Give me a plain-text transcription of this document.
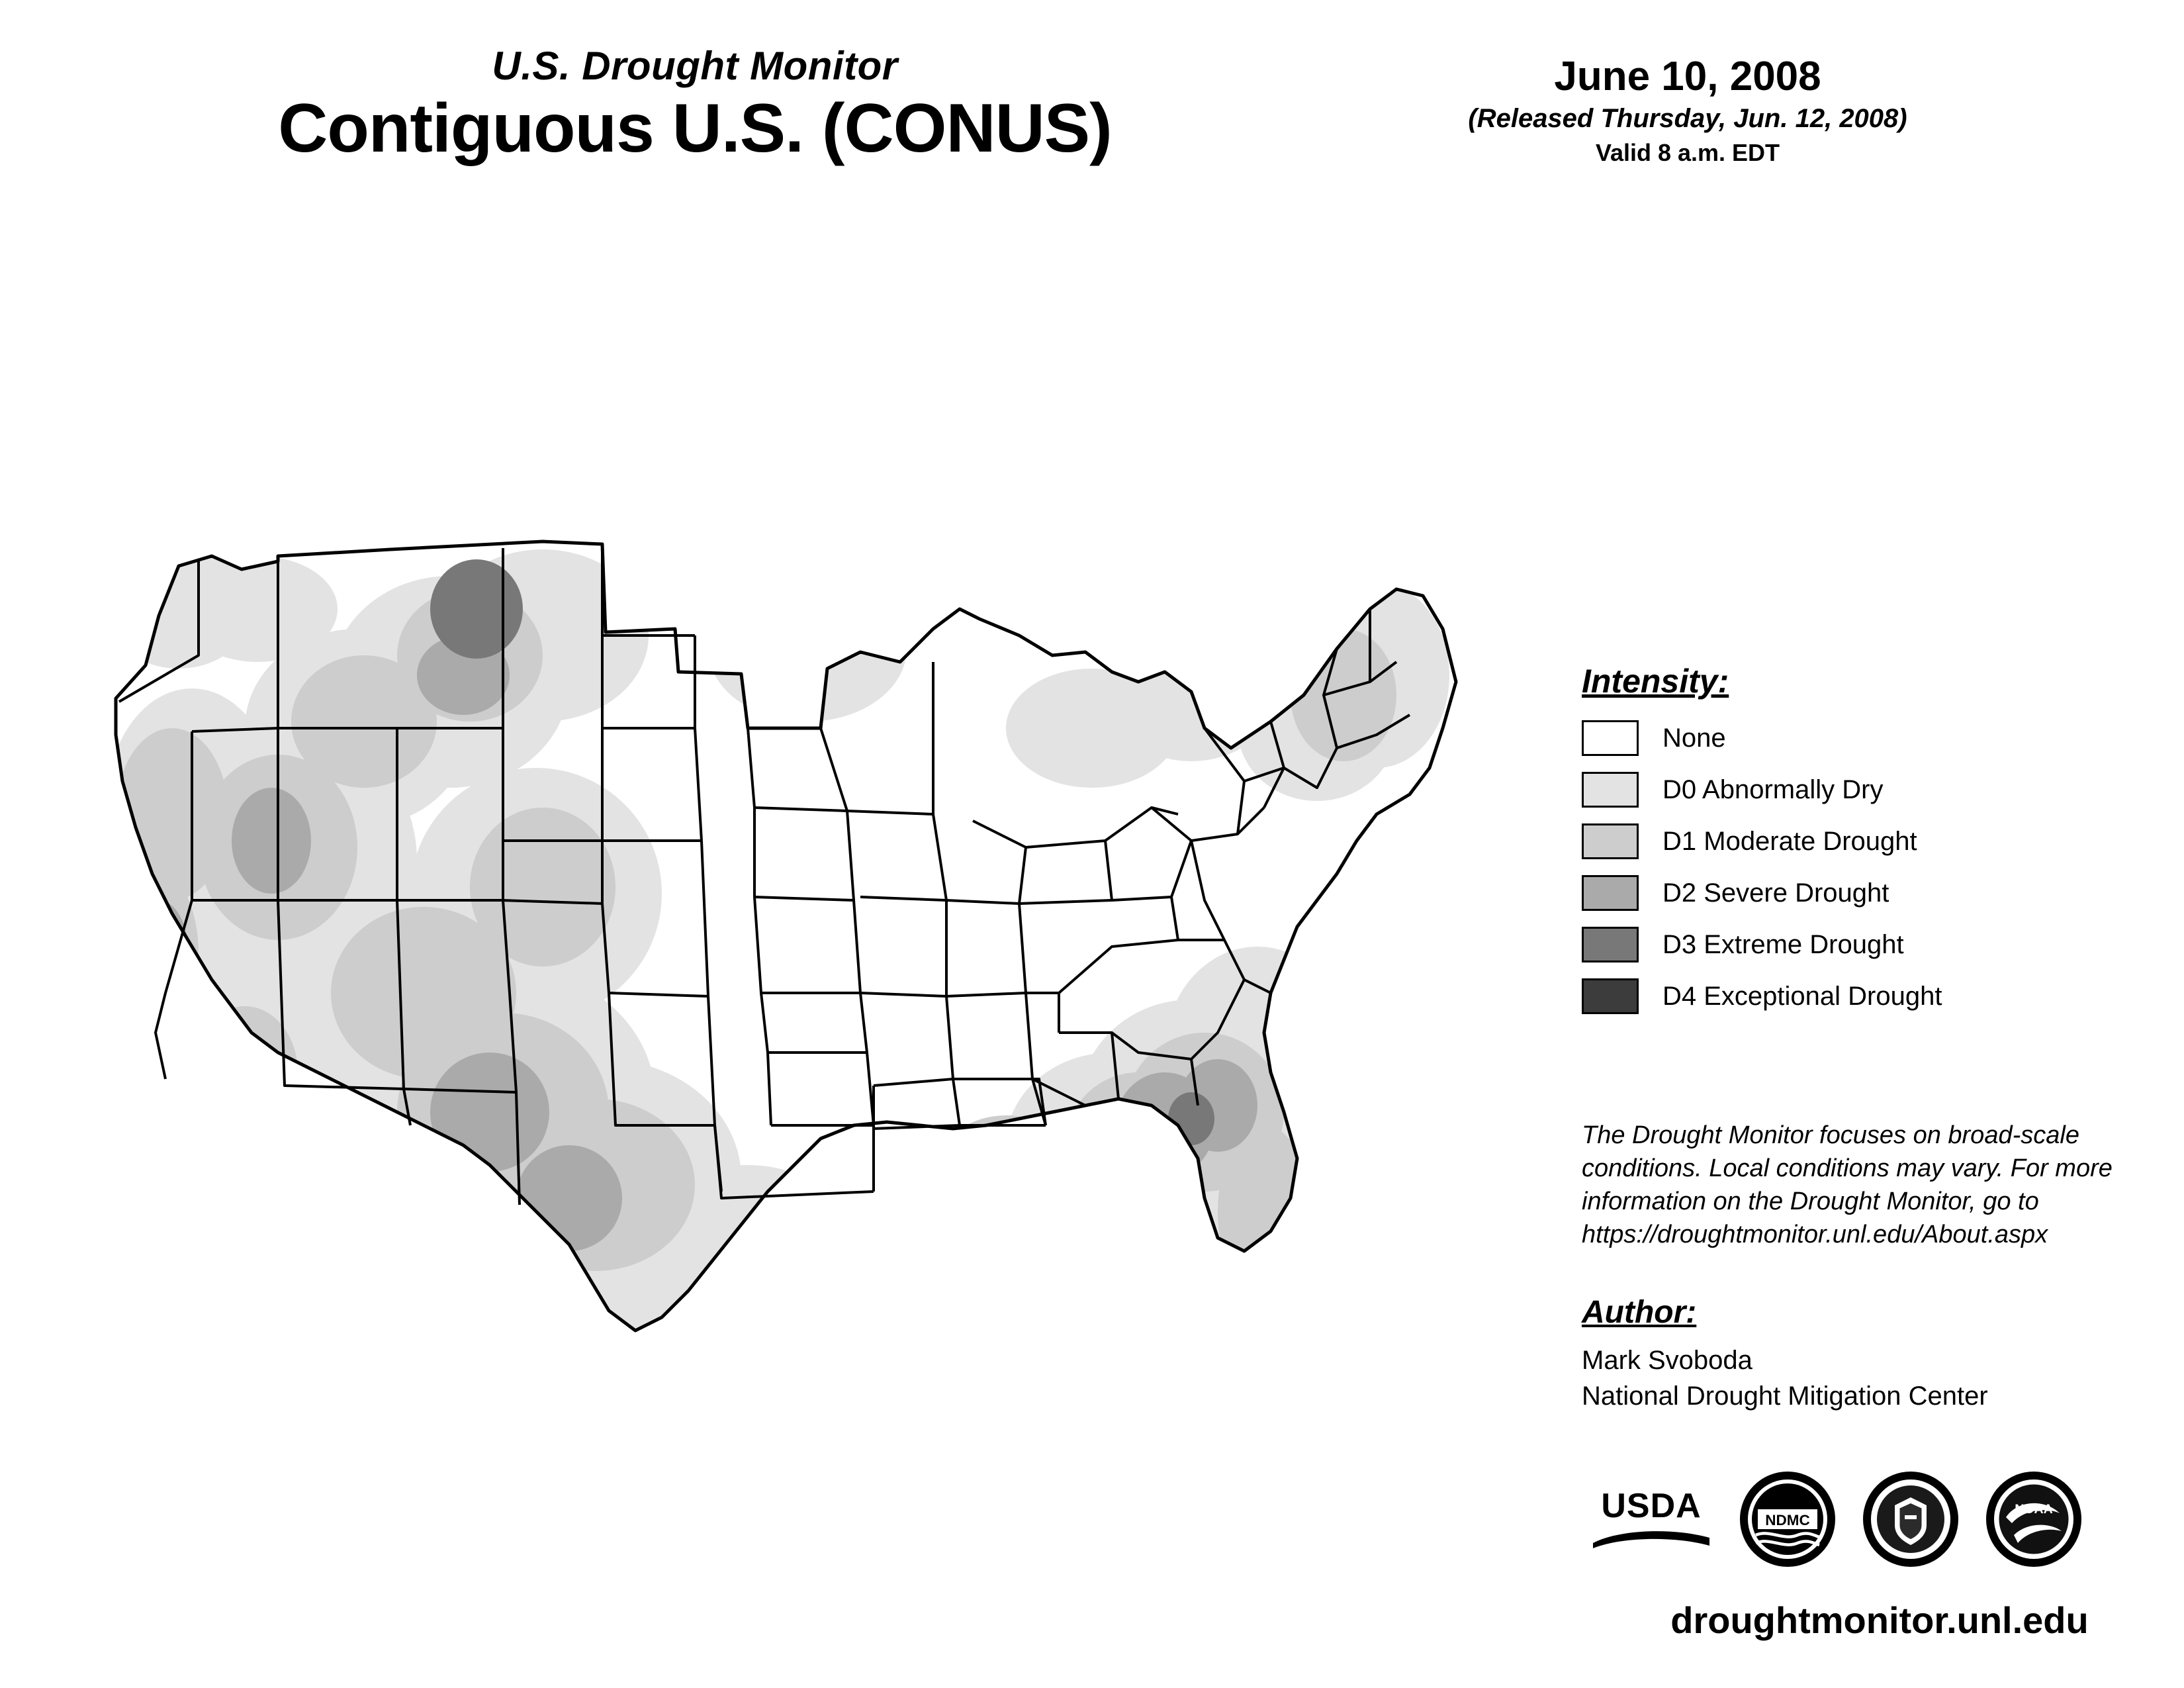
U.S. Drought Monitor
Contiguous U.S. (CONUS)
June 10, 2008
(Released Thursday, Jun. 12, 2008)
Valid 8 a.m. EDT
Intensity:
None
D0 Abnormally Dry
D1 Moderate Drought
D2 Severe Drought
D3 Extreme Drought
D4 Exceptional Drought

The Drought Monitor focuses on broad-scale conditions. Local conditions may vary. For more information on the Drought Monitor, go to https://droughtmonitor.unl.edu/About.aspx

Author:
Mark Svoboda
National Drought Mitigation Center
USDA	NDMC
NOAA
droughtmonitor.unl.edu
